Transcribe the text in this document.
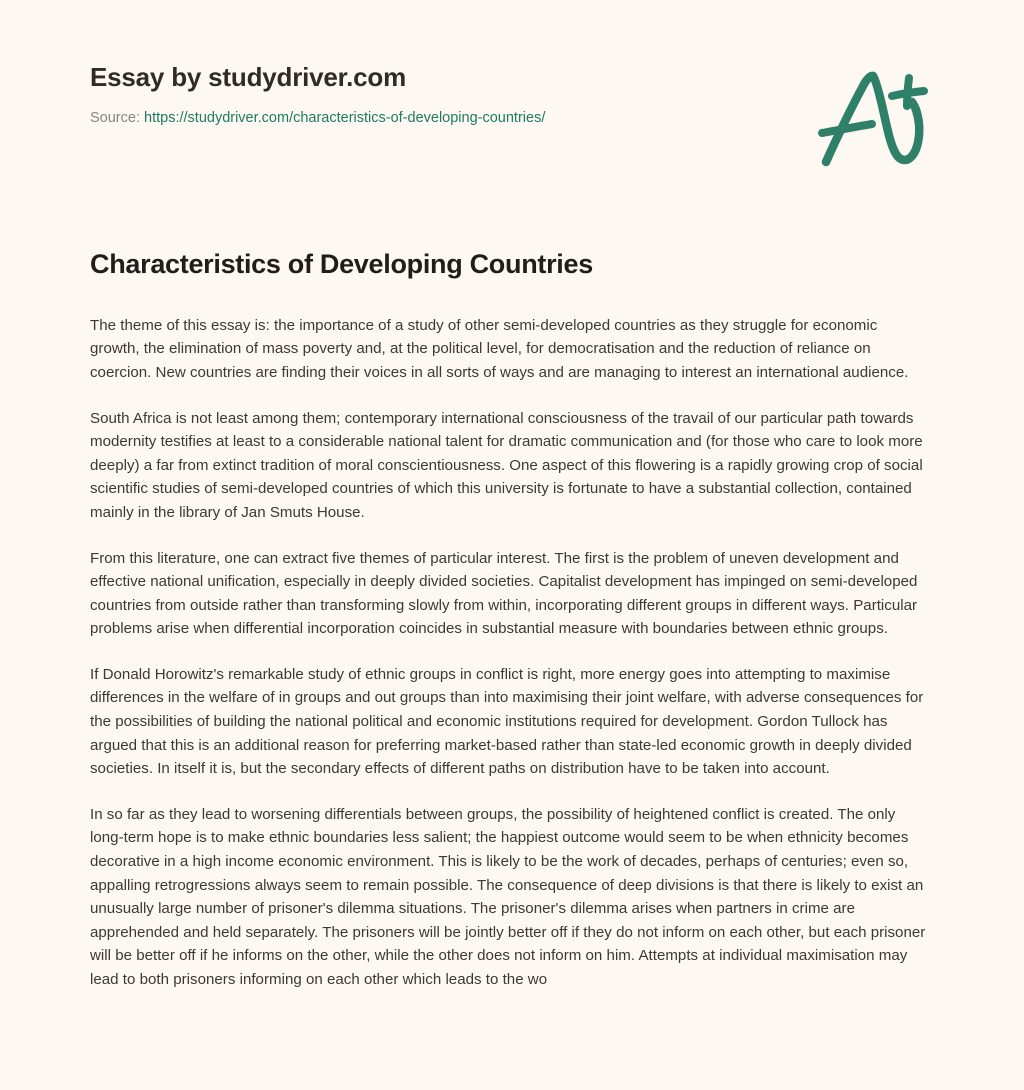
Essay by studydriver.com
Source: https://studydriver.com/characteristics-of-developing-countries/
Characteristics of Developing Countries

The theme of this essay is: the importance of a study of other semi-developed countries as they struggle for economic growth, the elimination of mass poverty and, at the political level, for democratisation and the reduction of reliance on coercion. New countries are finding their voices in all sorts of ways and are managing to interest an international audience.

South Africa is not least among them; contemporary international consciousness of the travail of our particular path towards modernity testifies at least to a considerable national talent for dramatic communication and (for those who care to look more deeply) a far from extinct tradition of moral conscientiousness. One aspect of this flowering is a rapidly growing crop of social scientific studies of semi-developed countries of which this university is fortunate to have a substantial collection, contained mainly in the library of Jan Smuts House.

From this literature, one can extract five themes of particular interest. The first is the problem of uneven development and effective national unification, especially in deeply divided societies. Capitalist development has impinged on semi-developed countries from outside rather than transforming slowly from within, incorporating different groups in different ways. Particular problems arise when differential incorporation coincides in substantial measure with boundaries between ethnic groups.

If Donald Horowitz's remarkable study of ethnic groups in conflict is right, more energy goes into attempting to maximise differences in the welfare of in groups and out groups than into maximising their joint welfare, with adverse consequences for the possibilities of building the national political and economic institutions required for development. Gordon Tullock has argued that this is an additional reason for preferring market-based rather than state-led economic growth in deeply divided societies. In itself it is, but the secondary effects of different paths on distribution have to be taken into account.

In so far as they lead to worsening differentials between groups, the possibility of heightened conflict is created. The only long-term hope is to make ethnic boundaries less salient; the happiest outcome would seem to be when ethnicity becomes decorative in a high income economic environment. This is likely to be the work of decades, perhaps of centuries; even so, appalling retrogressions always seem to remain possible. The consequence of deep divisions is that there is likely to exist an unusually large number of prisoner's dilemma situations. The prisoner's dilemma arises when partners in crime are apprehended and held separately. The prisoners will be jointly better off if they do not inform on each other, but each prisoner will be better off if he informs on the other, while the other does not inform on him. Attempts at individual maximisation may lead to both prisoners informing on each other which leads to the wo
